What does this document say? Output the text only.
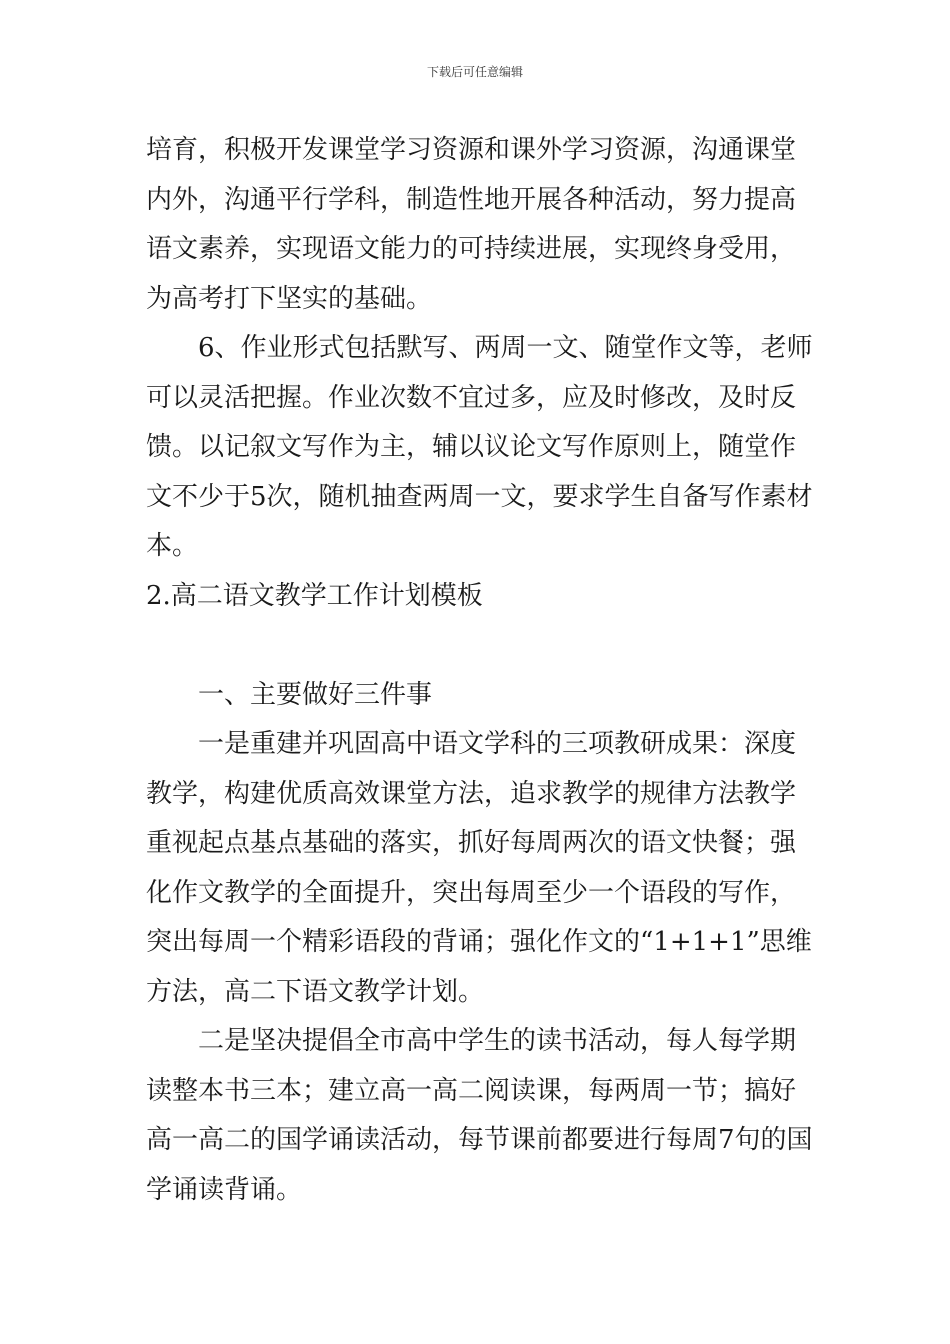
下载后可任意编辑
培育，积极开发课堂学习资源和课外学习资源，沟通课堂
内外，沟通平行学科，制造性地开展各种活动，努力提高
语文素养，实现语文能力的可持续进展，实现终身受用，
为高考打下坚实的基础。
6、作业形式包括默写、两周一文、随堂作文等，老师
可以灵活把握。作业次数不宜过多，应及时修改，及时反
馈。以记叙文写作为主，辅以议论文写作原则上，随堂作
文不少于5次，随机抽查两周一文，要求学生自备写作素材
本。
2.高二语文教学工作计划模板
一、主要做好三件事
一是重建并巩固高中语文学科的三项教研成果：深度
教学，构建优质高效课堂方法，追求教学的规律方法教学
重视起点基点基础的落实，抓好每周两次的语文快餐；强
化作文教学的全面提升，突出每周至少一个语段的写作，
突出每周一个精彩语段的背诵；强化作文的“1+1+1”思维
方法，高二下语文教学计划。
二是坚决提倡全市高中学生的读书活动，每人每学期
读整本书三本；建立高一高二阅读课，每两周一节；搞好
高一高二的国学诵读活动，每节课前都要进行每周7句的国
学诵读背诵。
